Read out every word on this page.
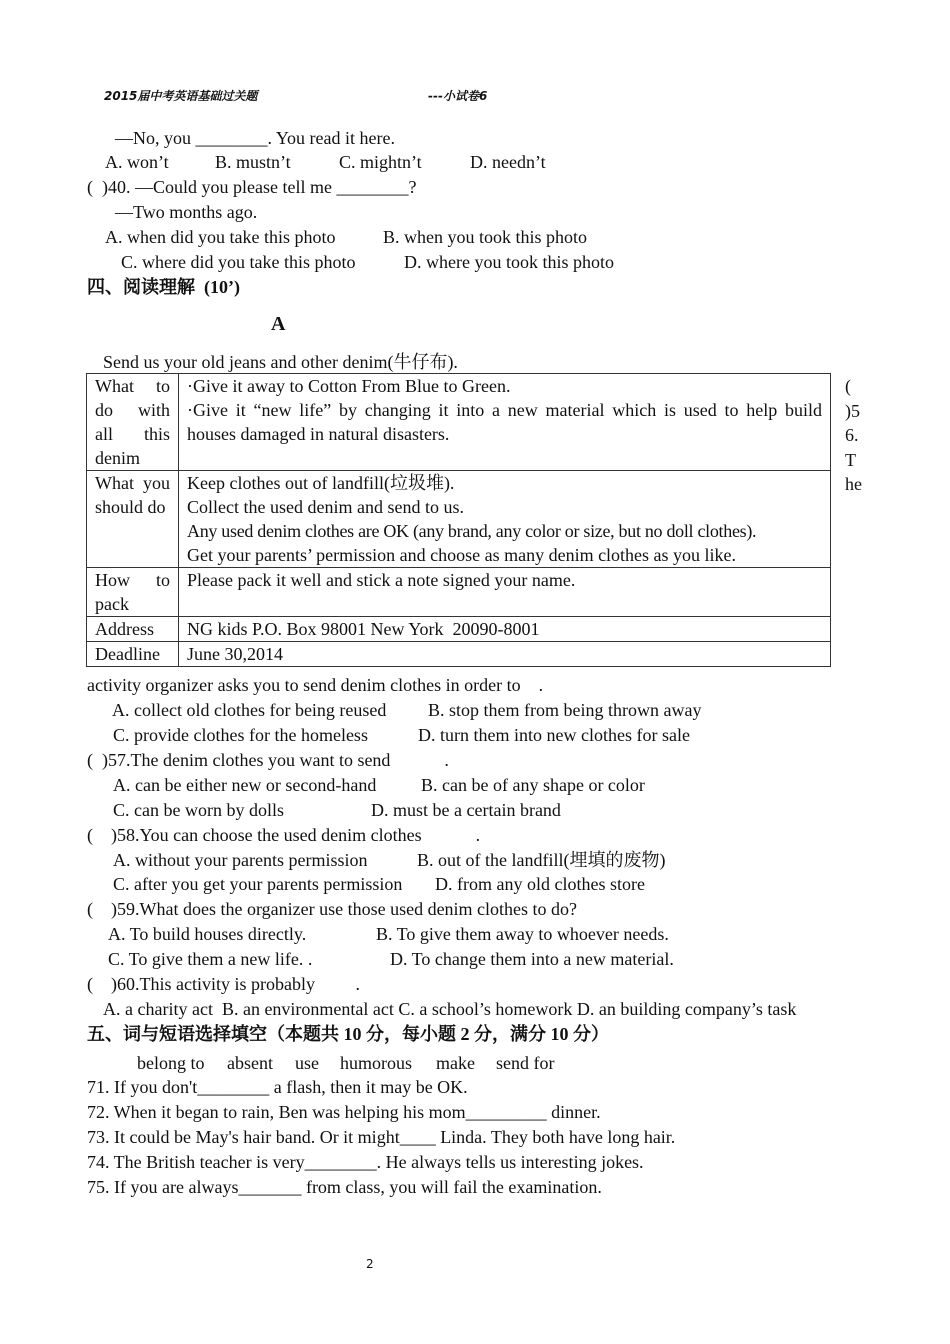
2015届中考英语基础过关题	---小试卷6
—No, you ________. You read it here.
A. won’t	B. mustn’t	C. mightn’t	D. needn’t
(  )40. —Could you please tell me ________?
—Two months ago.
A. when did you take this photo	B. when you took this photo
C. where did you take this photo	D. where you took this photo
四、阅读理解  (10’)
A
Send us your old jeans and other denim(牛仔布).
What to do with all this denim	·Give it away to Cotton From Blue to Green.
·Give it “new life” by changing it into a new material which is used to help build houses damaged in natural disasters.

What you should do	Keep clothes out of landfill(垃圾堆).
Collect the used denim and send to us.
Any used denim clothes are OK (any brand, any color or size, but no doll clothes).
Get your parents’ permission and choose as many denim clothes as you like.

How to pack	Please pack it well and stick a note signed your name.

Address	NG kids P.O. Box 98001 New York  20090-8001

Deadline	June 30,2014
(
)5
6.
T
he
activity organizer asks you to send denim clothes in order to    .
A. collect old clothes for being reused B. stop them from being thrown away
C. provide clothes for the homeless	D. turn them into new clothes for sale
(  )57.The denim clothes you want to send            .
A. can be either new or second-hand B. can be of any shape or color
C. can be worn by dolls	D. must be a certain brand
(    )58.You can choose the used denim clothes            .
A. without your parents permission	B. out of the landfill(埋填的废物)
C. after you get your parents permission D. from any old clothes store
(    )59.What does the organizer use those used denim clothes to do?
A. To build houses directly.	B. To give them away to whoever needs.
C. To give them a new life. .	D. To change them into a new material.
(    )60.This activity is probably         .
A. a charity act  B. an environmental act C. a school’s homework D. an building company’s task
五、词与短语选择填空（本题共 10 分，每小题 2 分，满分 10 分）
belong to absent use humorous make send for
71. If you don't________ a flash, then it may be OK.
72. When it began to rain, Ben was helping his mom_________ dinner.
73. It could be May's hair band. Or it might____ Linda. They both have long hair.
74. The British teacher is very________. He always tells us interesting jokes.
75. If you are always_______ from class, you will fail the examination.
2
